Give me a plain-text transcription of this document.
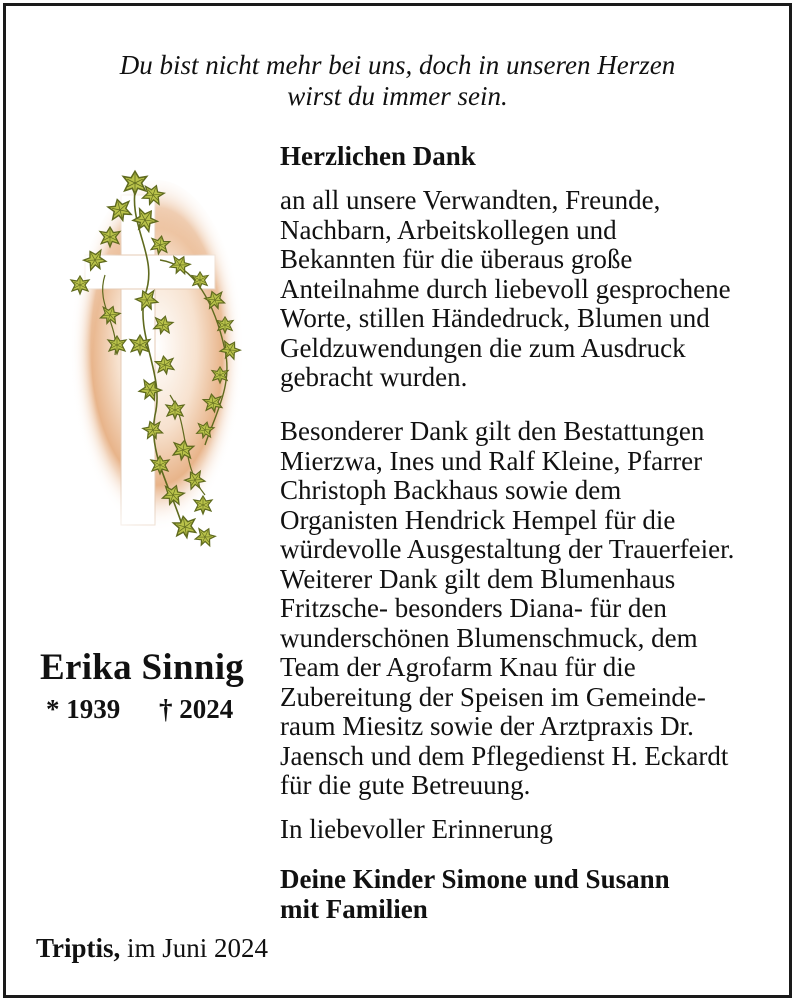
Du bist nicht mehr bei uns, doch in unseren Herzen
wirst du immer sein.
Herzlichen Dank
an all unsere Verwandten, Freunde,
Nachbarn, Arbeitskollegen und
Bekannten für die überaus große
Anteilnahme durch liebevoll gesprochene
Worte, stillen Händedruck, Blumen und
Geldzuwendungen die zum Ausdruck
gebracht wurden.
Besonderer Dank gilt den Bestattungen
Mierzwa, Ines und Ralf Kleine, Pfarrer
Christoph Backhaus sowie dem
Organisten Hendrick Hempel für die
würdevolle Ausgestaltung der Trauerfeier.
Weiterer Dank gilt dem Blumenhaus
Fritzsche- besonders Diana- für den
wunderschönen Blumenschmuck, dem
Team der Agrofarm Knau für die
Zubereitung der Speisen im Gemeinde-
raum Miesitz sowie der Arztpraxis Dr.
Jaensch und dem Pflegedienst H. Eckardt
für die gute Betreuung.
In liebevoller Erinnerung
Deine Kinder Simone und Susann
mit Familien
Erika Sinnig
* 1939 † 2024
Triptis, im Juni 2024
